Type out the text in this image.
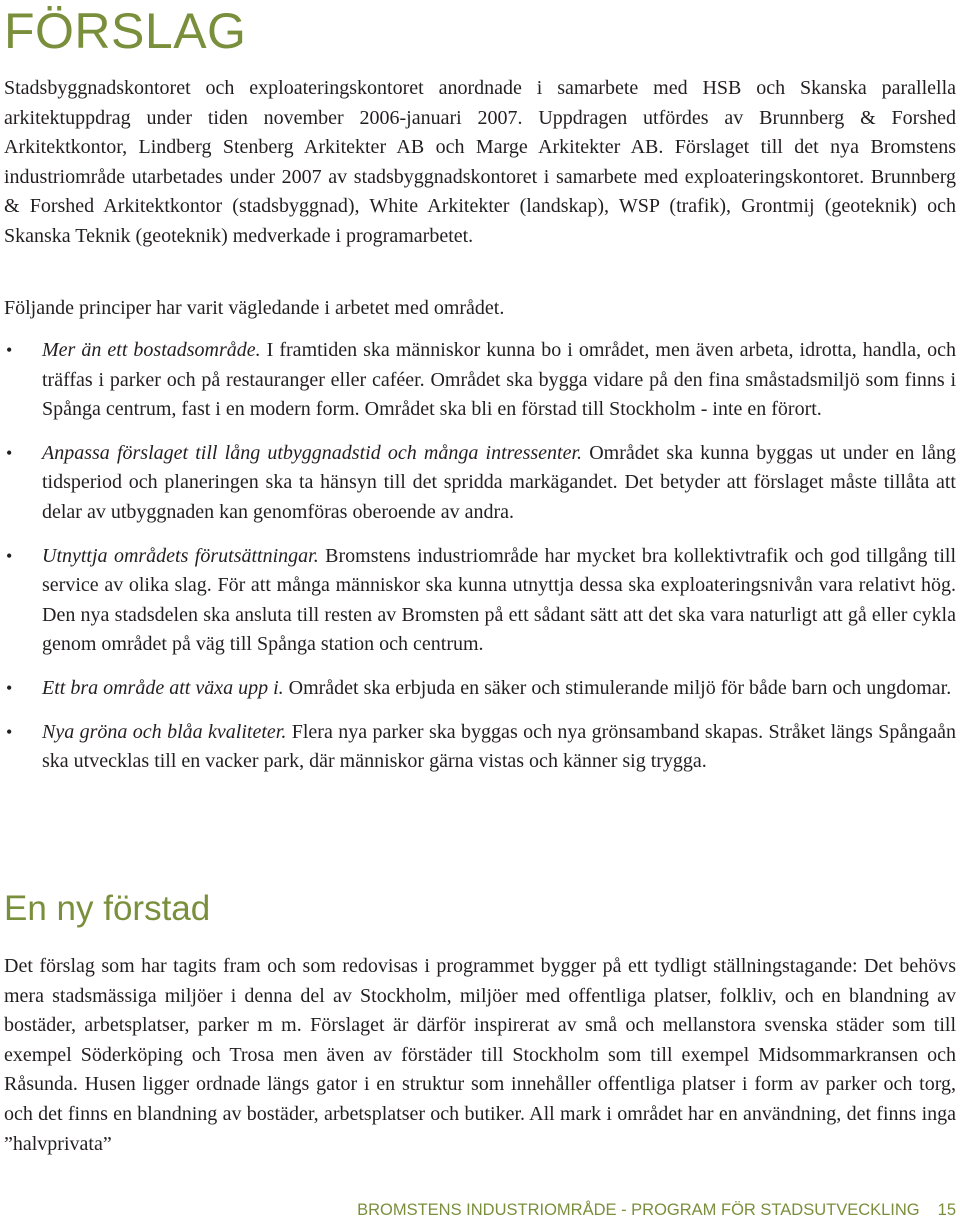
FÖRSLAG

Stadsbyggnadskontoret och exploateringskontoret anordnade i samarbete med HSB och Skanska parallella arkitektuppdrag under tiden november 2006-januari 2007. Uppdragen utfördes av Brunnberg & Forshed Arkitektkontor, Lindberg Stenberg Arkitekter AB och Marge Arkitekter AB. Förslaget till det nya Bromstens industriområde utarbetades under 2007 av stadsbyggnadskontoret i samarbete med exploateringskontoret. Brunnberg & Forshed Arkitektkontor (stadsbyggnad), White Arkitekter (landskap), WSP (trafik), Grontmij (geoteknik) och Skanska Teknik (geoteknik) medverkade i programarbetet.

Följande principer har varit vägledande i arbetet med området.

• Mer än ett bostadsområde. I framtiden ska människor kunna bo i området, men även arbeta, idrotta, handla, och träffas i parker och på restauranger eller caféer. Området ska bygga vidare på den fina småstadsmiljö som finns i Spånga centrum, fast i en modern form. Området ska bli en förstad till Stockholm - inte en förort.
• Anpassa förslaget till lång utbyggnadstid och många intressenter. Området ska kunna byggas ut under en lång tidsperiod och planeringen ska ta hänsyn till det spridda markägandet. Det betyder att förslaget måste tillåta att delar av utbyggnaden kan genomföras oberoende av andra.
• Utnyttja områdets förutsättningar. Bromstens industriområde har mycket bra kollektivtrafik och god tillgång till service av olika slag. För att många människor ska kunna utnyttja dessa ska exploateringsnivån vara relativt hög. Den nya stadsdelen ska ansluta till resten av Bromsten på ett sådant sätt att det ska vara naturligt att gå eller cykla genom området på väg till Spånga station och centrum.
• Ett bra område att växa upp i. Området ska erbjuda en säker och stimulerande miljö för både barn och ungdomar.
• Nya gröna och blåa kvaliteter. Flera nya parker ska byggas och nya grönsamband skapas. Stråket längs Spångaån ska utvecklas till en vacker park, där människor gärna vistas och känner sig trygga.
En ny förstad

Det förslag som har tagits fram och som redovisas i programmet bygger på ett tydligt ställningstagande: Det behövs mera stadsmässiga miljöer i denna del av Stockholm, miljöer med offentliga platser, folkliv, och en blandning av bostäder, arbetsplatser, parker m m. Förslaget är därför inspirerat av små och mellanstora svenska städer som till exempel Söderköping och Trosa men även av förstäder till Stockholm som till exempel Midsommarkransen och Råsunda. Husen ligger ordnade längs gator i en struktur som innehåller offentliga platser i form av parker och torg, och det finns en blandning av bostäder, arbetsplatser och butiker. All mark i området har en användning, det finns inga ”halvprivata”

BROMSTENS INDUSTRIOMRÅDE - PROGRAM FÖR STADSUTVECKLING 15
